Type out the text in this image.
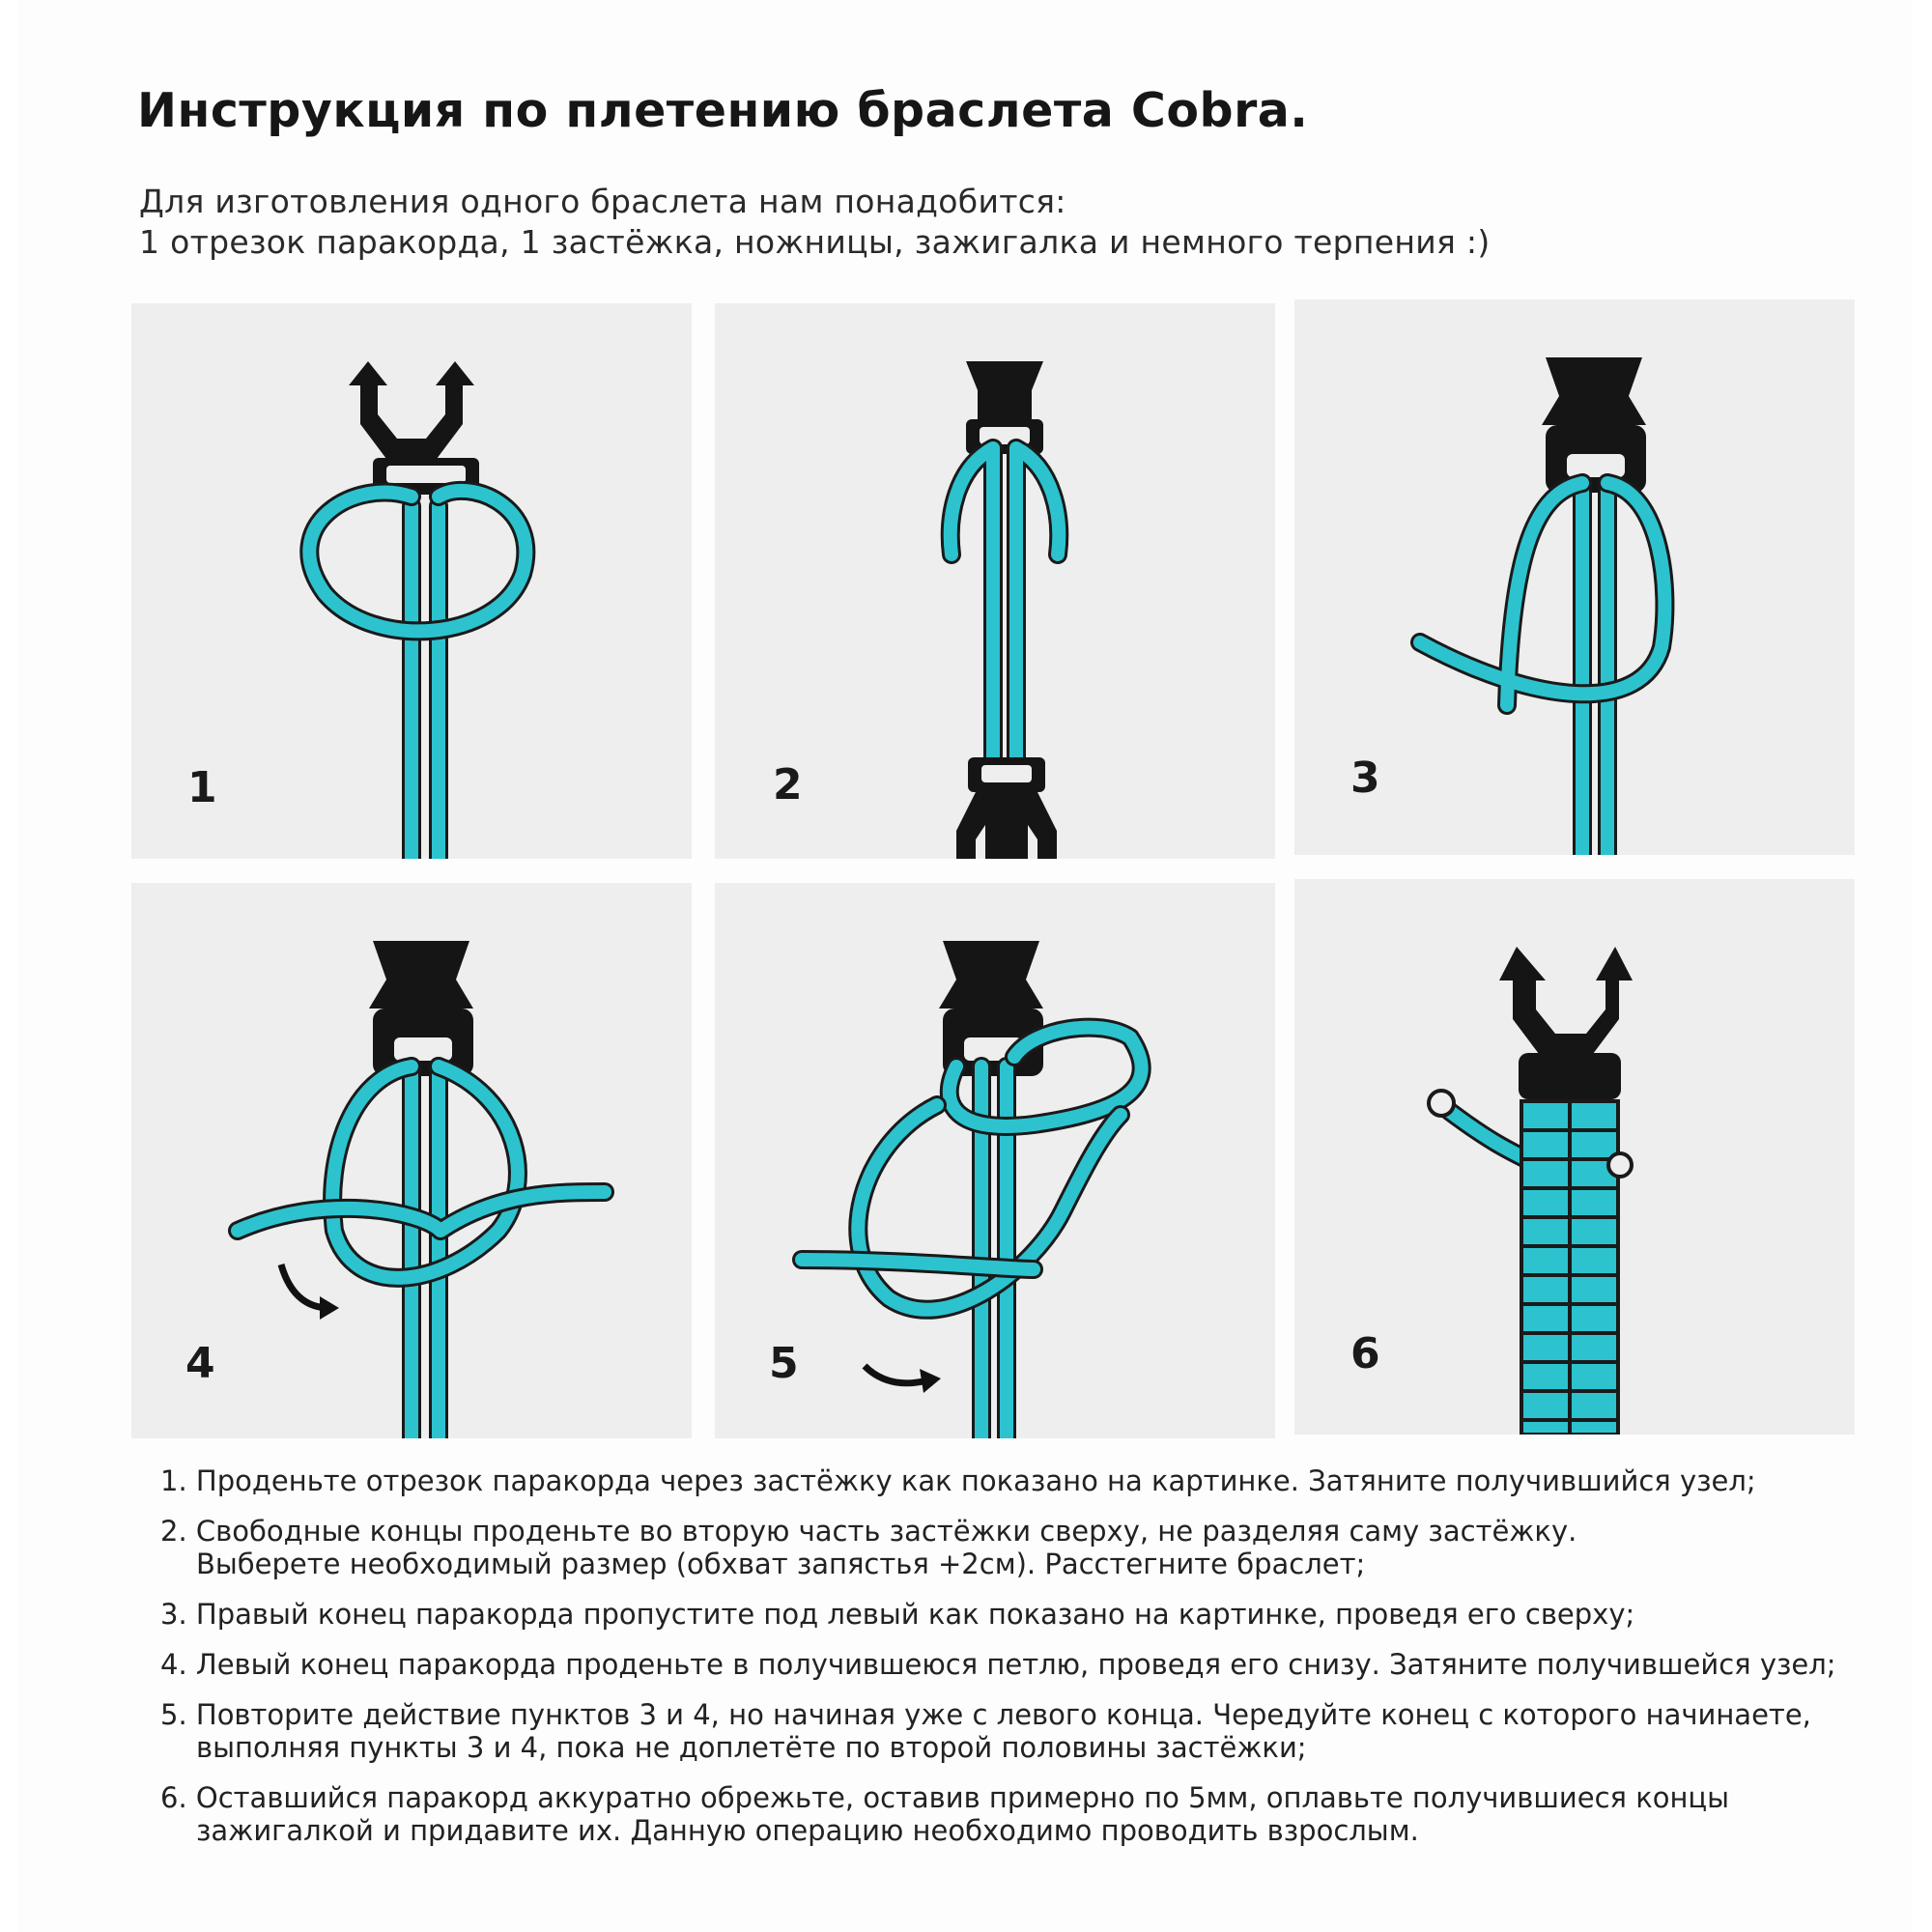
Инструкция по плетению браслета Cobra.
Для изготовления одного браслета нам понадобится:
1 отрезок паракорда, 1 застёжка, ножницы, зажигалка и немного терпения :)
1	2	3
4	5	6
1. Проденьте отрезок паракорда через застёжку как показано на картинке. Затяните получившийся узел;
2. Свободные концы проденьте во вторую часть застёжки сверху, не разделяя саму застёжку.
Выберете необходимый размер (обхват запястья +2см). Расстегните браслет;
3. Правый конец паракорда пропустите под левый как показано на картинке, проведя его сверху;
4. Левый конец паракорда проденьте в получившеюся петлю, проведя его снизу. Затяните получившейся узел;
5. Повторите действие пунктов 3 и 4, но начиная уже с левого конца. Чередуйте конец с которого начинаете,
выполняя пункты 3 и 4, пока не доплетёте по второй половины застёжки;
6. Оставшийся паракорд аккуратно обрежьте, оставив примерно по 5мм, оплавьте получившиеся концы
зажигалкой и придавите их. Данную операцию необходимо проводить взрослым.
